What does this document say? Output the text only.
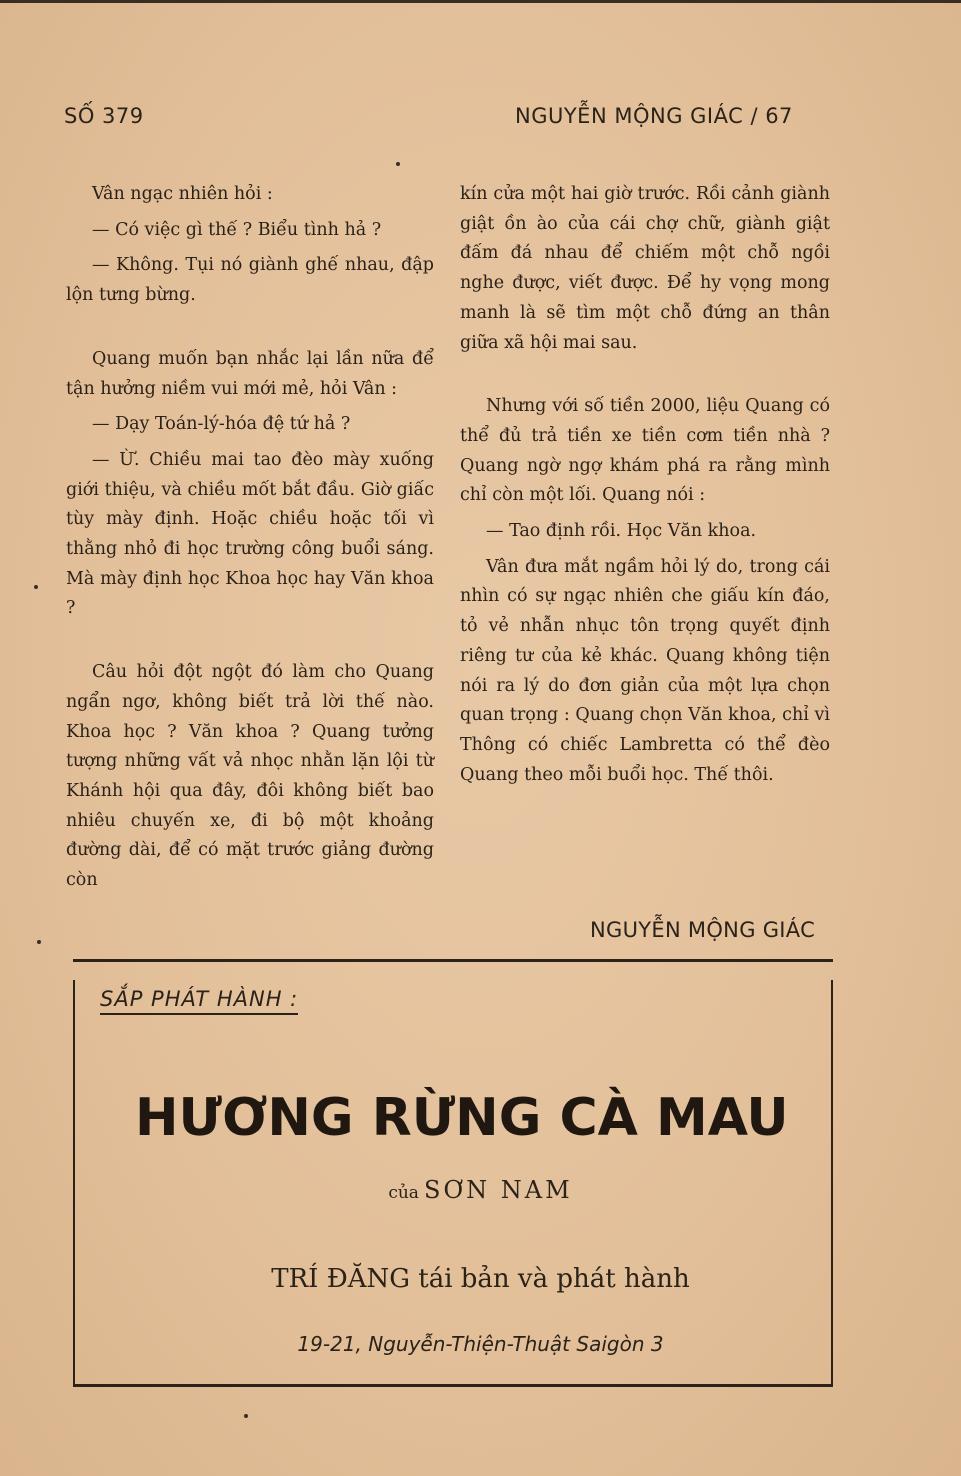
SỐ 379	NGUYỄN MỘNG GIÁC / 67

Vân ngạc nhiên hỏi :

— Có việc gì thế ? Biểu tình hả ?

— Không. Tụi nó giành ghế nhau, đập lộn tưng bừng.

Quang muốn bạn nhắc lại lần nữa để tận hưởng niềm vui mới mẻ, hỏi Vân :

— Dạy Toán-lý-hóa đệ tứ hả ?

— Ừ. Chiều mai tao đèo mày xuống giới thiệu, và chiều mốt bắt đầu. Giờ giấc tùy mày định. Hoặc chiều hoặc tối vì thằng nhỏ đi học trường công buổi sáng. Mà mày định học Khoa học hay Văn khoa ?

Câu hỏi đột ngột đó làm cho Quang ngẩn ngơ, không biết trả lời thế nào. Khoa học ? Văn khoa ? Quang tưởng tượng những vất vả nhọc nhằn lặn lội từ Khánh hội qua đây, đôi không biết bao nhiêu chuyến xe, đi bộ một khoảng đường dài, để có mặt trước giảng đường còn

kín cửa một hai giờ trước. Rồi cảnh giành giật ồn ào của cái chợ chữ, giành giật đấm đá nhau để chiếm một chỗ ngồi nghe được, viết được. Để hy vọng mong manh là sẽ tìm một chỗ đứng an thân giữa xã hội mai sau.

Nhưng với số tiền 2000, liệu Quang có thể đủ trả tiền xe tiền cơm tiền nhà ? Quang ngờ ngợ khám phá ra rằng mình chỉ còn một lối. Quang nói :

— Tao định rồi. Học Văn khoa.

Vân đưa mắt ngầm hỏi lý do, trong cái nhìn có sự ngạc nhiên che giấu kín đáo, tỏ vẻ nhẫn nhục tôn trọng quyết định riêng tư của kẻ khác. Quang không tiện nói ra lý do đơn giản của một lựa chọn quan trọng : Quang chọn Văn khoa, chỉ vì Thông có chiếc Lambretta có thể đèo Quang theo mỗi buổi học. Thế thôi.

NGUYỄN MỘNG GIÁC
SẮP PHÁT HÀNH :
HƯƠNG RỪNG CÀ MAU
của SƠN NAM
TRÍ ĐĂNG tái bản và phát hành
19-21, Nguyễn-Thiện-Thuật Saigòn 3
